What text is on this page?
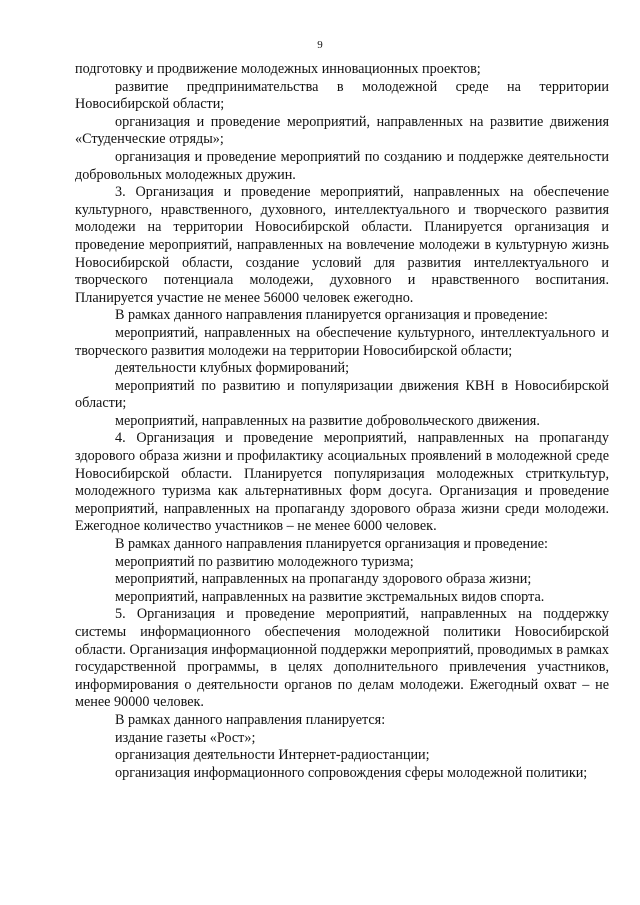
9

подготовку и продвижение молодежных инновационных проектов;

развитие предпринимательства в молодежной среде на территории Новосибирской области;

организация и проведение мероприятий, направленных на развитие движения «Студенческие отряды»;

организация и проведение мероприятий по созданию и поддержке деятельности добровольных молодежных дружин.

3. Организация и проведение мероприятий, направленных на обеспечение культурного, нравственного, духовного, интеллектуального и творческого развития молодежи на территории Новосибирской области. Планируется организация и проведение мероприятий, направленных на вовлечение молодежи в культурную жизнь Новосибирской области, создание условий для развития интеллектуального и творческого потенциала молодежи, духовного и нравственного воспитания. Планируется участие не менее 56000 человек ежегодно.

В рамках данного направления планируется организация и проведение:

мероприятий, направленных на обеспечение культурного, интеллектуального и творческого развития молодежи на территории Новосибирской области;

деятельности клубных формирований;

мероприятий по развитию и популяризации движения КВН в Новосибирской области;

мероприятий, направленных на развитие добровольческого движения.

4. Организация и проведение мероприятий, направленных на пропаганду здорового образа жизни и профилактику асоциальных проявлений в молодежной среде Новосибирской области. Планируется популяризация молодежных стриткультур, молодежного туризма как альтернативных форм досуга. Организация и проведение мероприятий, направленных на пропаганду здорового образа жизни среди молодежи. Ежегодное количество участников – не менее 6000 человек.

В рамках данного направления планируется организация и проведение:

мероприятий по развитию молодежного туризма;

мероприятий, направленных на пропаганду здорового образа жизни;

мероприятий, направленных на развитие экстремальных видов спорта.

5. Организация и проведение мероприятий, направленных на поддержку системы информационного обеспечения молодежной политики Новосибирской области. Организация информационной поддержки мероприятий, проводимых в рамках государственной программы, в целях дополнительного привлечения участников, информирования о деятельности органов по делам молодежи. Ежегодный охват – не менее 90000 человек.

В рамках данного направления планируется:

издание газеты «Рост»;

организация деятельности Интернет-радиостанции;

организация информационного сопровождения сферы молодежной политики;
